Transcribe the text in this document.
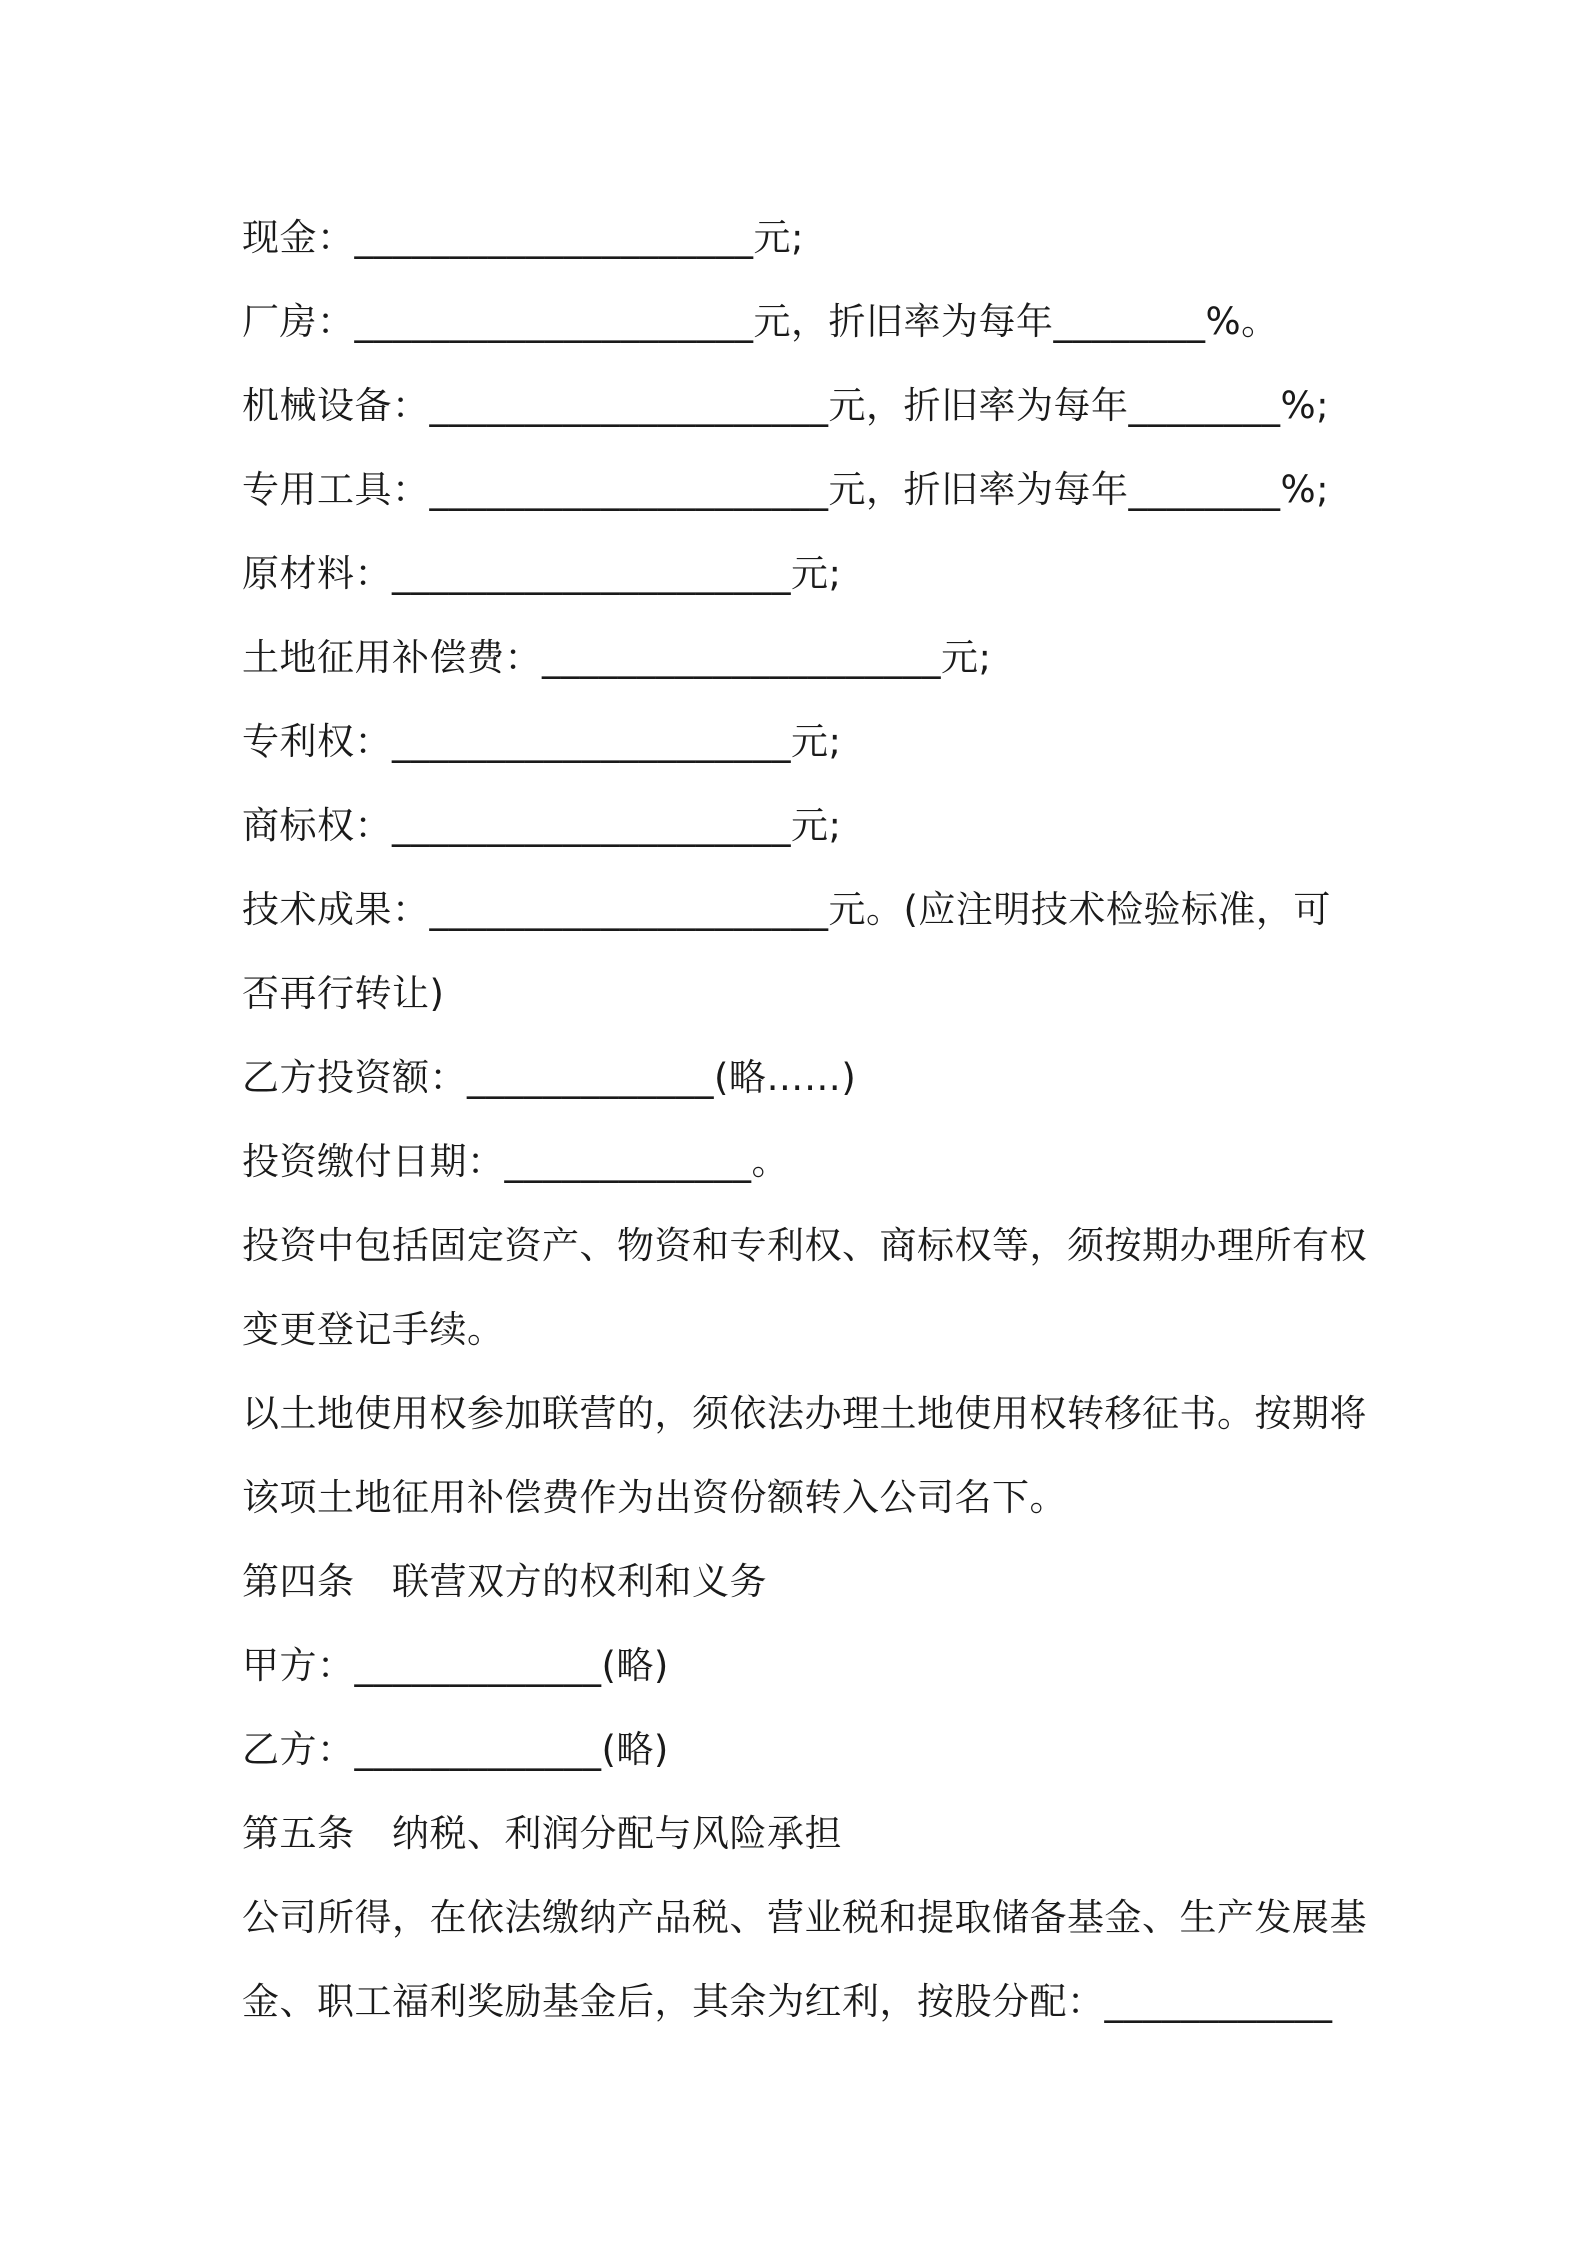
现金：_____________________元;
厂房：_____________________元，折旧率为每年________%。
机械设备：_____________________元，折旧率为每年________%;
专用工具：_____________________元，折旧率为每年________%;
原材料：_____________________元;
土地征用补偿费：_____________________元;
专利权：_____________________元;
商标权：_____________________元;
技术成果：_____________________元。(应注明技术检验标准，可
否再行转让)
乙方投资额：_____________(略……)
投资缴付日期：_____________。
投资中包括固定资产、物资和专利权、商标权等，须按期办理所有权
变更登记手续。
以土地使用权参加联营的，须依法办理土地使用权转移征书。按期将
该项土地征用补偿费作为出资份额转入公司名下。
第四条　联营双方的权利和义务
甲方：_____________(略)
乙方：_____________(略)
第五条　纳税、利润分配与风险承担
公司所得，在依法缴纳产品税、营业税和提取储备基金、生产发展基
金、职工福利奖励基金后，其余为红利，按股分配：____________
